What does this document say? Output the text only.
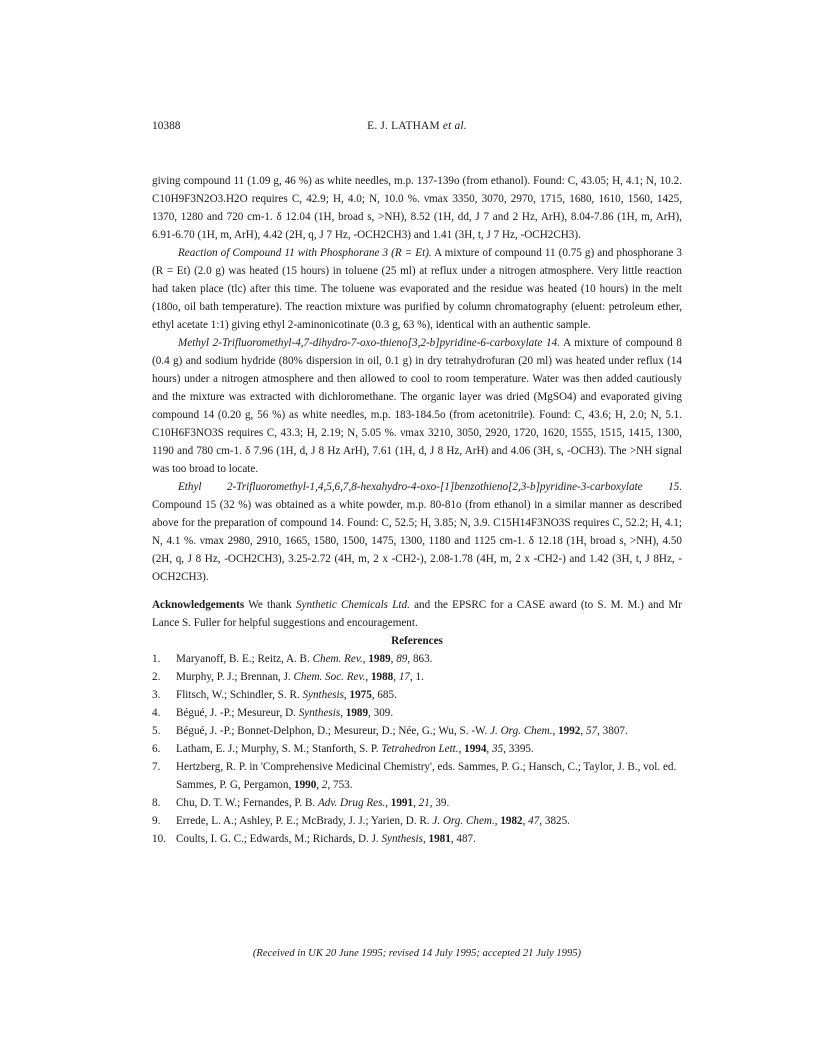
10388	E. J. LATHAM et al.

giving compound 11 (1.09 g, 46 %) as white needles, m.p. 137-139o (from ethanol). Found: C, 43.05; H, 4.1; N, 10.2. C10H9F3N2O3.H2O requires C, 42.9; H, 4.0; N, 10.0 %. νmax 3350, 3070, 2970, 1715, 1680, 1610, 1560, 1425, 1370, 1280 and 720 cm-1. δ 12.04 (1H, broad s, >NH), 8.52 (1H, dd, J 7 and 2 Hz, ArH), 8.04-7.86 (1H, m, ArH), 6.91-6.70 (1H, m, ArH), 4.42 (2H, q, J 7 Hz, -OCH2CH3) and 1.41 (3H, t, J 7 Hz, -OCH2CH3).

Reaction of Compound 11 with Phosphorane 3 (R = Et). A mixture of compound 11 (0.75 g) and phosphorane 3 (R = Et) (2.0 g) was heated (15 hours) in toluene (25 ml) at reflux under a nitrogen atmosphere. Very little reaction had taken place (tlc) after this time. The toluene was evaporated and the residue was heated (10 hours) in the melt (180o, oil bath temperature). The reaction mixture was purified by column chromatography (eluent: petroleum ether, ethyl acetate 1:1) giving ethyl 2-aminonicotinate (0.3 g, 63 %), identical with an authentic sample.

Methyl 2-Trifluoromethyl-4,7-dihydro-7-oxo-thieno[3,2-b]pyridine-6-carboxylate 14. A mixture of compound 8 (0.4 g) and sodium hydride (80% dispersion in oil, 0.1 g) in dry tetrahydrofuran (20 ml) was heated under reflux (14 hours) under a nitrogen atmosphere and then allowed to cool to room temperature. Water was then added cautiously and the mixture was extracted with dichloromethane. The organic layer was dried (MgSO4) and evaporated giving compound 14 (0.20 g, 56 %) as white needles, m.p. 183-184.5o (from acetonitrile). Found: C, 43.6; H, 2.0; N, 5.1. C10H6F3NO3S requires C, 43.3; H, 2.19; N, 5.05 %. νmax 3210, 3050, 2920, 1720, 1620, 1555, 1515, 1415, 1300, 1190 and 780 cm-1. δ 7.96 (1H, d, J 8 Hz ArH), 7.61 (1H, d, J 8 Hz, ArH) and 4.06 (3H, s, -OCH3). The >NH signal was too broad to locate.

Ethyl 2-Trifluoromethyl-1,4,5,6,7,8-hexahydro-4-oxo-[1]benzothieno[2,3-b]pyridine-3-carboxylate 15. Compound 15 (32 %) was obtained as a white powder, m.p. 80-81o (from ethanol) in a similar manner as described above for the preparation of compound 14. Found: C, 52.5; H, 3.85; N, 3.9. C15H14F3NO3S requires C, 52.2; H, 4.1; N, 4.1 %. νmax 2980, 2910, 1665, 1580, 1500, 1475, 1300, 1180 and 1125 cm-1. δ 12.18 (1H, broad s, >NH), 4.50 (2H, q, J 8 Hz, -OCH2CH3), 3.25-2.72 (4H, m, 2 x -CH2-), 2.08-1.78 (4H, m, 2 x -CH2-) and 1.42 (3H, t, J 8Hz, -OCH2CH3).

Acknowledgements We thank Synthetic Chemicals Ltd. and the EPSRC for a CASE award (to S. M. M.) and Mr Lance S. Fuller for helpful suggestions and encouragement.

References

1.	Maryanoff, B. E.; Reitz, A. B. Chem. Rev., 1989, 89, 863.
2.	Murphy, P. J.; Brennan, J. Chem. Soc. Rev., 1988, 17, 1.
3.	Flitsch, W.; Schindler, S. R. Synthesis, 1975, 685.
4.	Bégué, J. -P.; Mesureur, D. Synthesis, 1989, 309.
5.	Bégué, J. -P.; Bonnet-Delphon, D.; Mesureur, D.; Née, G.; Wu, S. -W. J. Org. Chem., 1992, 57, 3807.
6.	Latham, E. J.; Murphy, S. M.; Stanforth, S. P. Tetrahedron Lett., 1994, 35, 3395.
7.	Hertzberg, R. P. in 'Comprehensive Medicinal Chemistry', eds. Sammes, P. G.; Hansch, C.; Taylor, J. B., vol. ed. Sammes, P. G, Pergamon, 1990, 2, 753.
8.	Chu, D. T. W.; Fernandes, P. B. Adv. Drug Res., 1991, 21, 39.
9.	Errede, L. A.; Ashley, P. E.; McBrady, J. J.; Yarien, D. R. J. Org. Chem., 1982, 47, 3825.
10. Coults, I. G. C.; Edwards, M.; Richards, D. J. Synthesis, 1981, 487.
(Received in UK 20 June 1995; revised 14 July 1995; accepted 21 July 1995)
